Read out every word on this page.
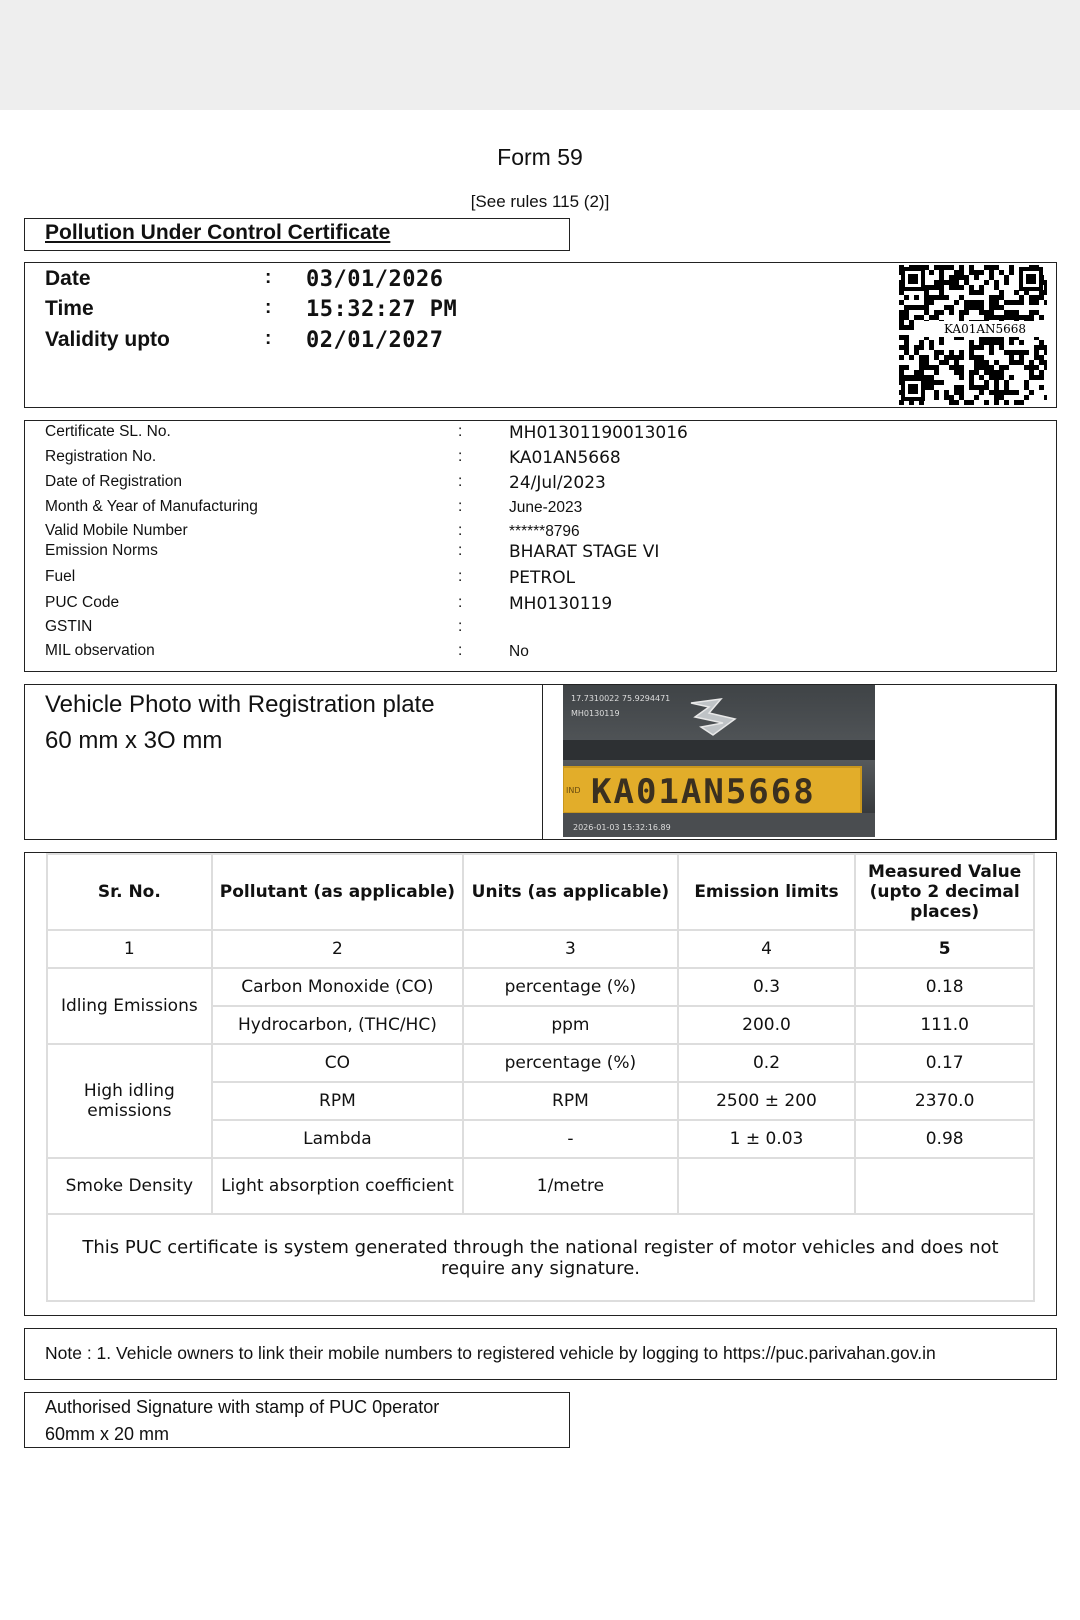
Form 59
[See rules 115 (2)]
Pollution Under Control Certificate
Date	: 03/01/2026
Time	: 15:32:27 PM
Validity upto	: 02/01/2027	KA01AN5668
Certificate SL. No.	:	MH01301190013016
Registration No.	:	KA01AN5668
Date of Registration	:	24/Jul/2023
Month & Year of Manufacturing	:	June-2023
Valid Mobile Number	:	******8796
Emission Norms	:	BHARAT STAGE VI
Fuel	:	PETROL
PUC Code	:	MH0130119
GSTIN	:
MIL observation	:	No
Vehicle Photo with Registration plate
60 mm x 3O mm
17.7310022 75.9294471
MH0130119
IND KA01AN5668
2026-01-03 15:32:16.89
Sr. No.	Pollutant (as applicable)	Units (as applicable)	Emission limits	Measured Value (upto 2 decimal places)
1	2	3	4	5
Idling Emissions	Carbon Monoxide (CO)	percentage (%)	0.3	0.18
	Hydrocarbon, (THC/HC)	ppm	200.0	111.0
High idling emissions	CO	percentage (%)	0.2	0.17
	RPM	RPM	2500 ± 200	2370.0
	Lambda	-	1 ± 0.03	0.98
Smoke Density	Light absorption coefficient	1/metre		
This PUC certificate is system generated through the national register of motor vehicles and does not require any signature.				
Note : 1. Vehicle owners to link their mobile numbers to registered vehicle by logging to https://puc.parivahan.gov.in
Authorised Signature with stamp of PUC 0perator
60mm x 20 mm
